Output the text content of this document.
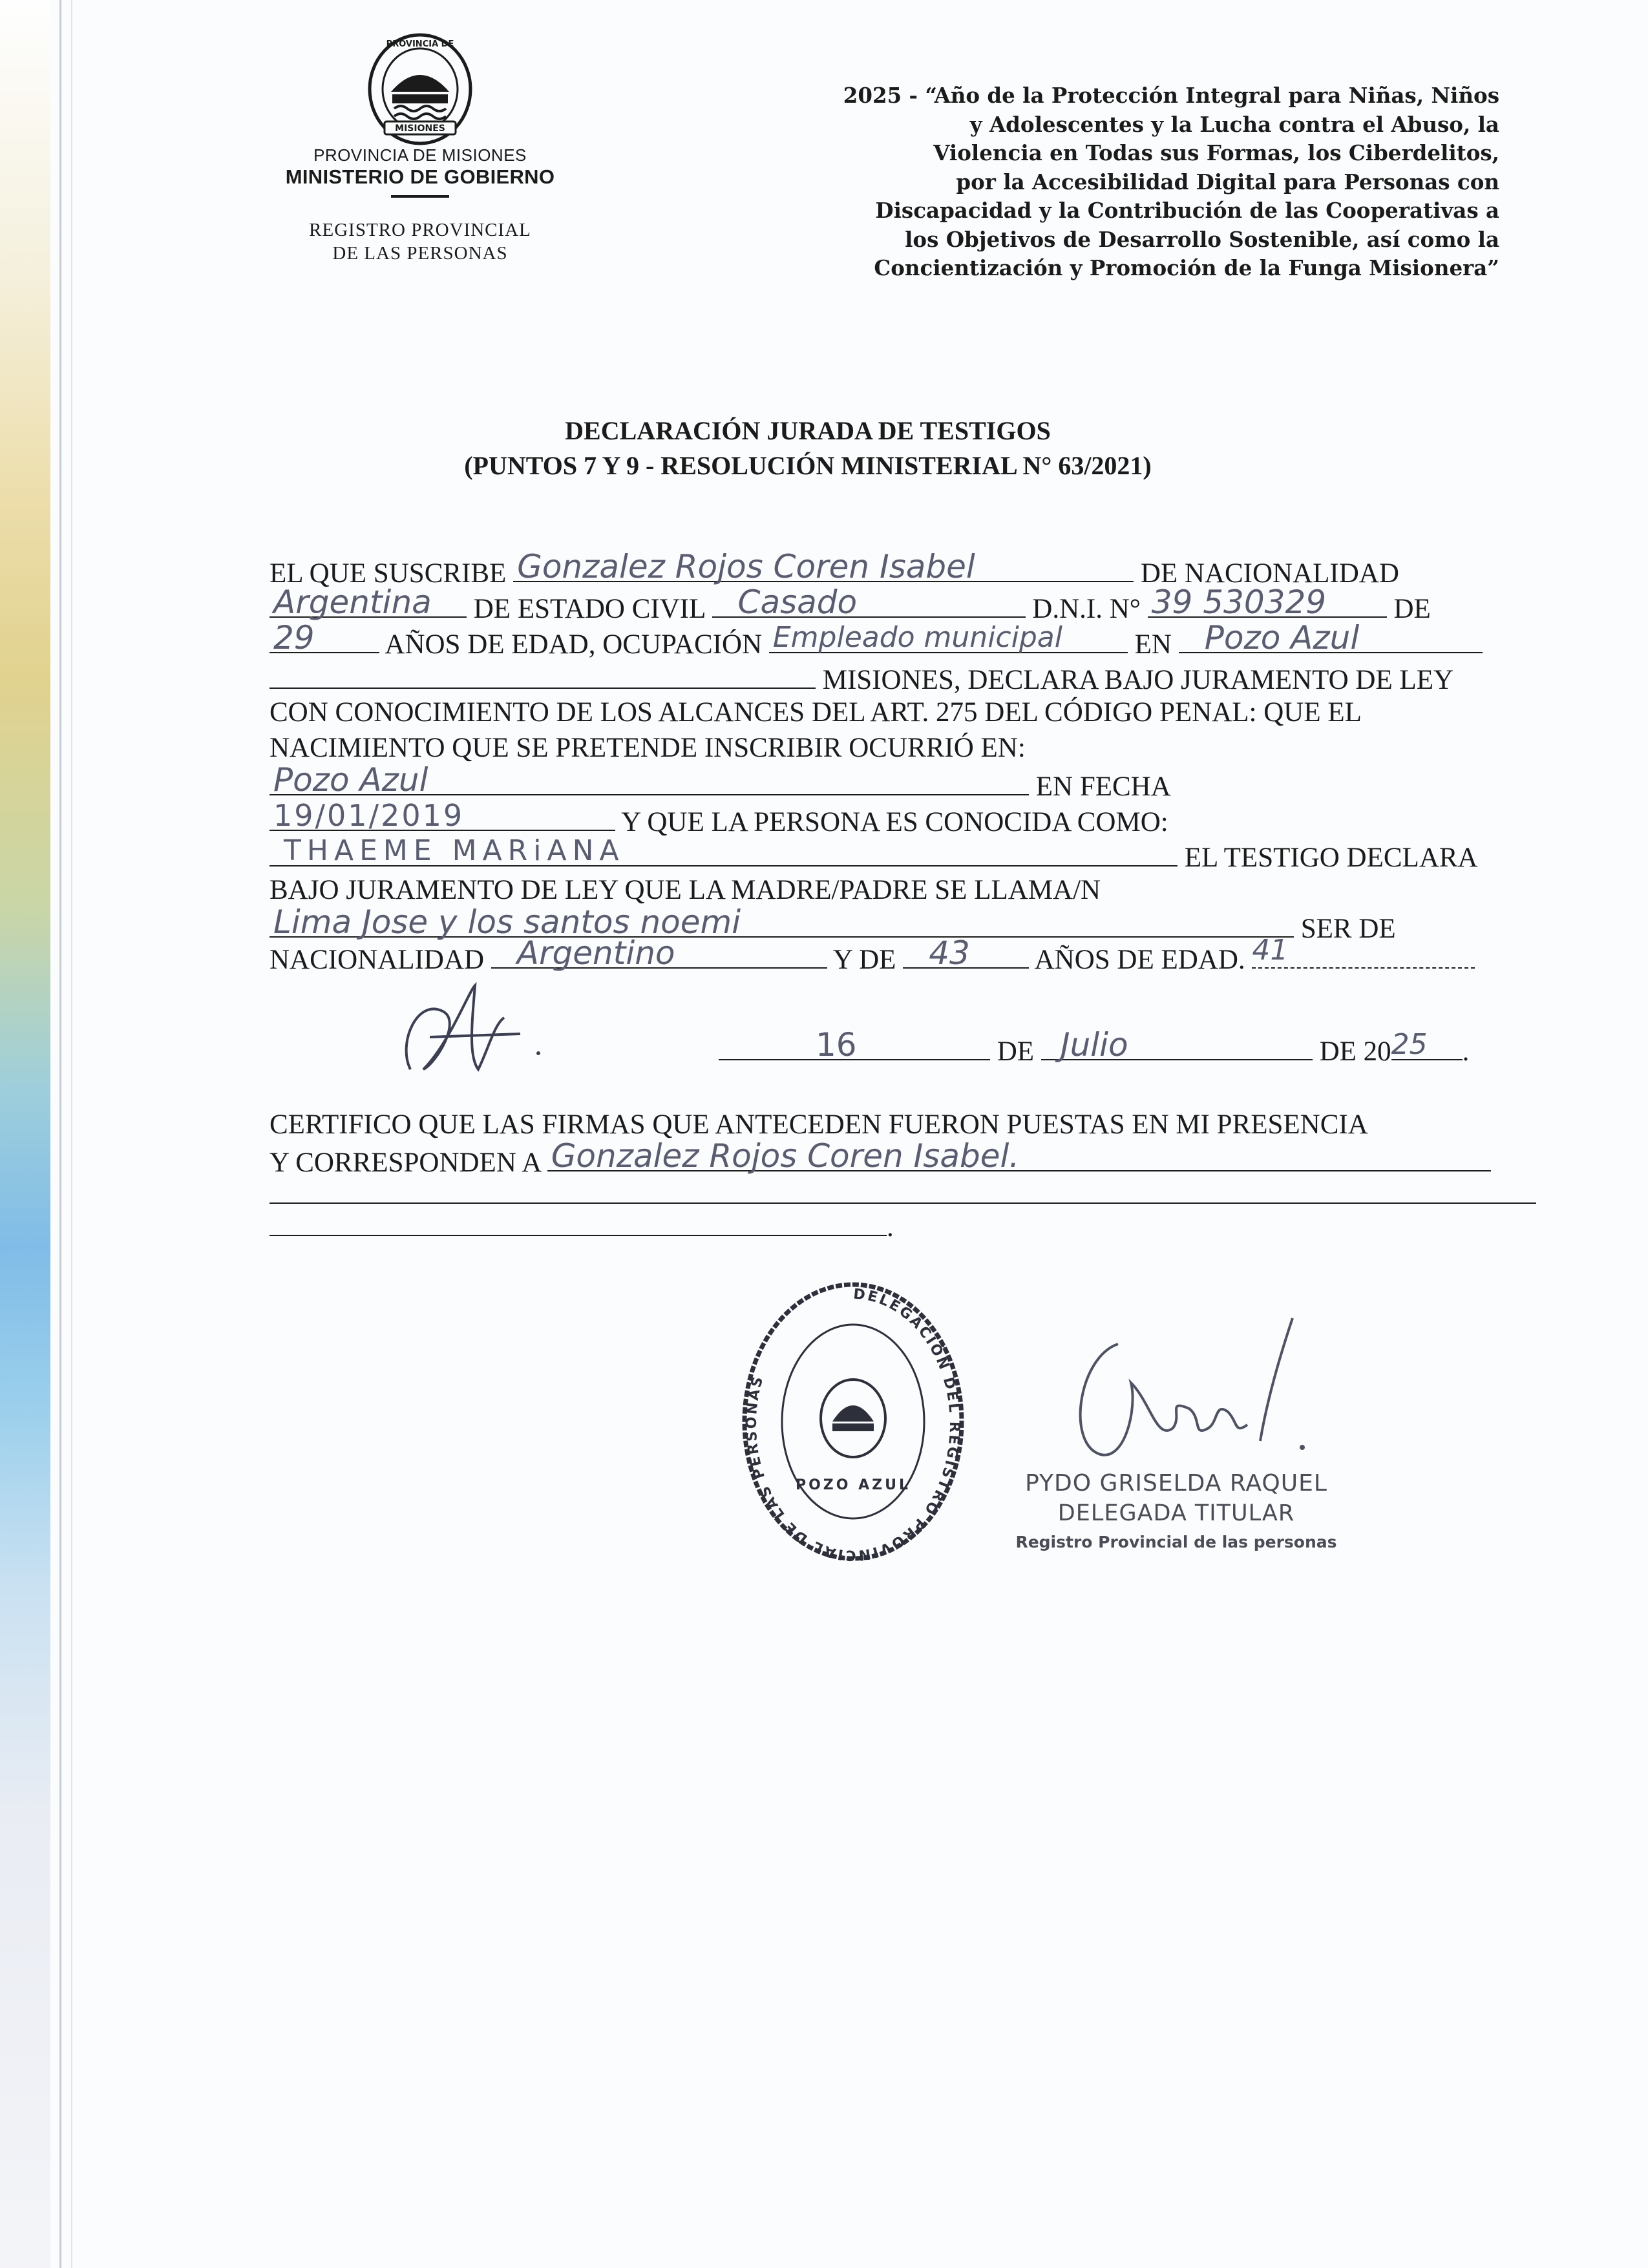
PROVINCIA DE
MISIONES
PROVINCIA DE MISIONES
MINISTERIO DE GOBIERNO
REGISTRO PROVINCIAL
DE LAS PERSONAS
2025 - “Año de la Protección Integral para Niñas, Niños
y Adolescentes y la Lucha contra el Abuso, la
Violencia en Todas sus Formas, los Ciberdelitos,
por la Accesibilidad Digital para Personas con
Discapacidad y la Contribución de las Cooperativas a
los Objetivos de Desarrollo Sostenible, así como la
Concientización y Promoción de la Funga Misionera”
DECLARACIÓN JURADA DE TESTIGOS
(PUNTOS 7 Y 9 - RESOLUCIÓN MINISTERIAL N° 63/2021)
EL QUE SUSCRIBE Gonzalez Rojos Coren Isabel	DE NACIONALIDAD
Argentina DE ESTADO CIVIL Casado	D.N.I. N° 39 530329 DE
29	AÑOS DE EDAD, OCUPACIÓN Empleado municipal	EN Pozo Azul
MISIONES, DECLARA BAJO JURAMENTO DE LEY
CON CONOCIMIENTO DE LOS ALCANCES DEL ART. 275 DEL CÓDIGO PENAL: QUE EL
NACIMIENTO QUE SE PRETENDE INSCRIBIR OCURRIÓ EN:
Pozo Azul	EN FECHA
19/01/2019	Y QUE LA PERSONA ES CONOCIDA COMO:
THAEME MARiANA	EL TESTIGO DECLARA
BAJO JURAMENTO DE LEY QUE LA MADRE/PADRE SE LLAMA/N
Lima Jose y los santos noemi	SER DE
NACIONALIDAD Argentino	Y DE 43 AÑOS DE EDAD. 41
16	DE Julio	DE 20 25 .
CERTIFICO QUE LAS FIRMAS QUE ANTECEDEN FUERON PUESTAS EN MI PRESENCIA
Y CORRESPONDEN A Gonzalez Rojos Coren Isabel.
.
DELEGACIÓN DEL REGISTRO PROVINCIAL DE LAS PERSONAS
POZO AZUL	PYDO GRISELDA RAQUEL
DELEGADA TITULAR
Registro Provincial de las personas
